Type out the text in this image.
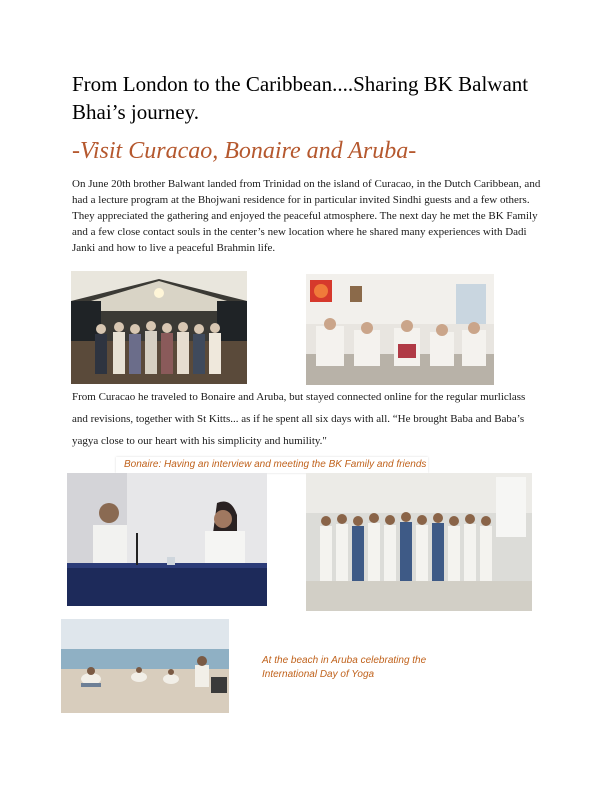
From London to the Caribbean....Sharing BK Balwant Bhai’s journey.
-Visit Curacao, Bonaire and Aruba-

On June 20th brother Balwant landed from Trinidad on the island of Curacao, in the Dutch Caribbean, and had a lecture program at the Bhojwani residence for in particular invited Sindhi guests and a few others. They appreciated the gathering and enjoyed the peaceful atmosphere. The next day he met the BK Family and a few close contact souls in the center’s new location where he shared many experiences with Dadi Janki and how to live a peaceful Brahmin life.

From Curacao he traveled to Bonaire and Aruba, but stayed connected online for the regular murliclass and revisions, together with St Kitts... as if he spent all six days with all. “He brought Baba and Baba’s yagya close to our heart with his simplicity and humility."

Bonaire: Having an interview and meeting the BK Family and friends

At the beach in Aruba celebrating the International Day of Yoga
